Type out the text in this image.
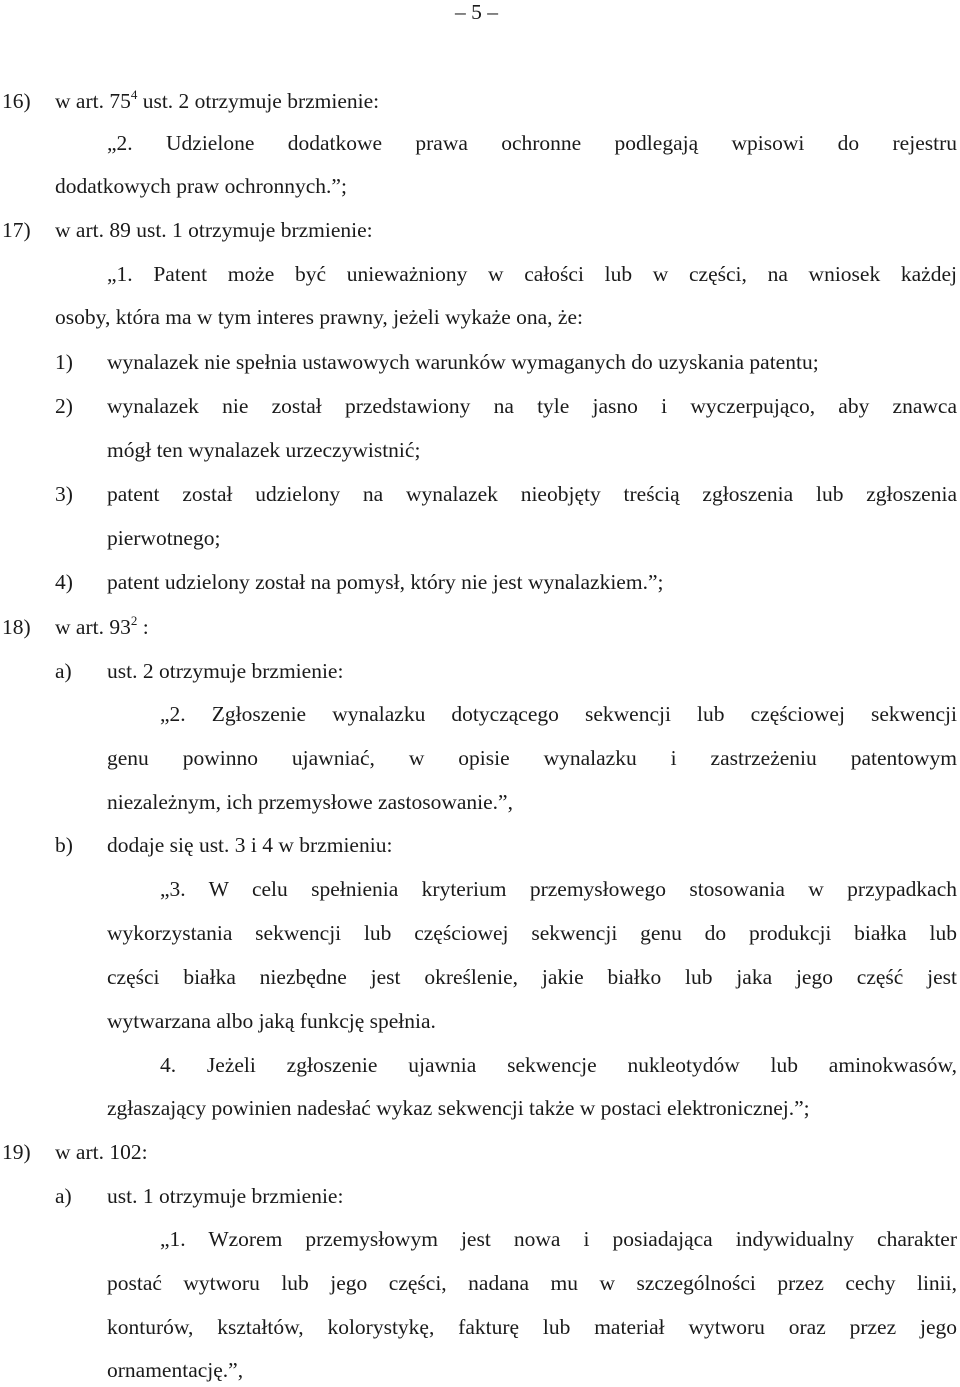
– 5 –
16) w art. $75^4$ ust. 2 otrzymuje brzmienie:
„2. Udzielone dodatkowe prawa ochronne podlegają wpisowi do rejestru
dodatkowych praw ochronnych.”;
17) w art. 89 ust. 1 otrzymuje brzmienie:
„1. Patent może być unieważniony w całości lub w części, na wniosek każdej
osoby, która ma w tym interes prawny, jeżeli wykaże ona, że:
1) wynalazek nie spełnia ustawowych warunków wymaganych do uzyskania patentu;
2) wynalazek nie został przedstawiony na tyle jasno i wyczerpująco, aby znawca
mógł ten wynalazek urzeczywistnić;
3) patent został udzielony na wynalazek nieobjęty treścią zgłoszenia lub zgłoszenia
pierwotnego;
4) patent udzielony został na pomysł, który nie jest wynalazkiem.”;
18) w art. $93^2$ :
a) ust. 2 otrzymuje brzmienie:
„2. Zgłoszenie wynalazku dotyczącego sekwencji lub częściowej sekwencji
genu powinno ujawniać, w opisie wynalazku i zastrzeżeniu patentowym
niezależnym, ich przemysłowe zastosowanie.”,
b) dodaje się ust. 3 i 4 w brzmieniu:
„3. W celu spełnienia kryterium przemysłowego stosowania w przypadkach
wykorzystania sekwencji lub częściowej sekwencji genu do produkcji białka lub
części białka niezbędne jest określenie, jakie białko lub jaka jego część jest
wytwarzana albo jaką funkcję spełnia.
4. Jeżeli zgłoszenie ujawnia sekwencje nukleotydów lub aminokwasów,
zgłaszający powinien nadesłać wykaz sekwencji także w postaci elektronicznej.”;
19) w art. 102:
a) ust. 1 otrzymuje brzmienie:
„1. Wzorem przemysłowym jest nowa i posiadająca indywidualny charakter
postać wytworu lub jego części, nadana mu w szczególności przez cechy linii,
konturów, kształtów, kolorystykę, fakturę lub materiał wytworu oraz przez jego
ornamentację.”,
